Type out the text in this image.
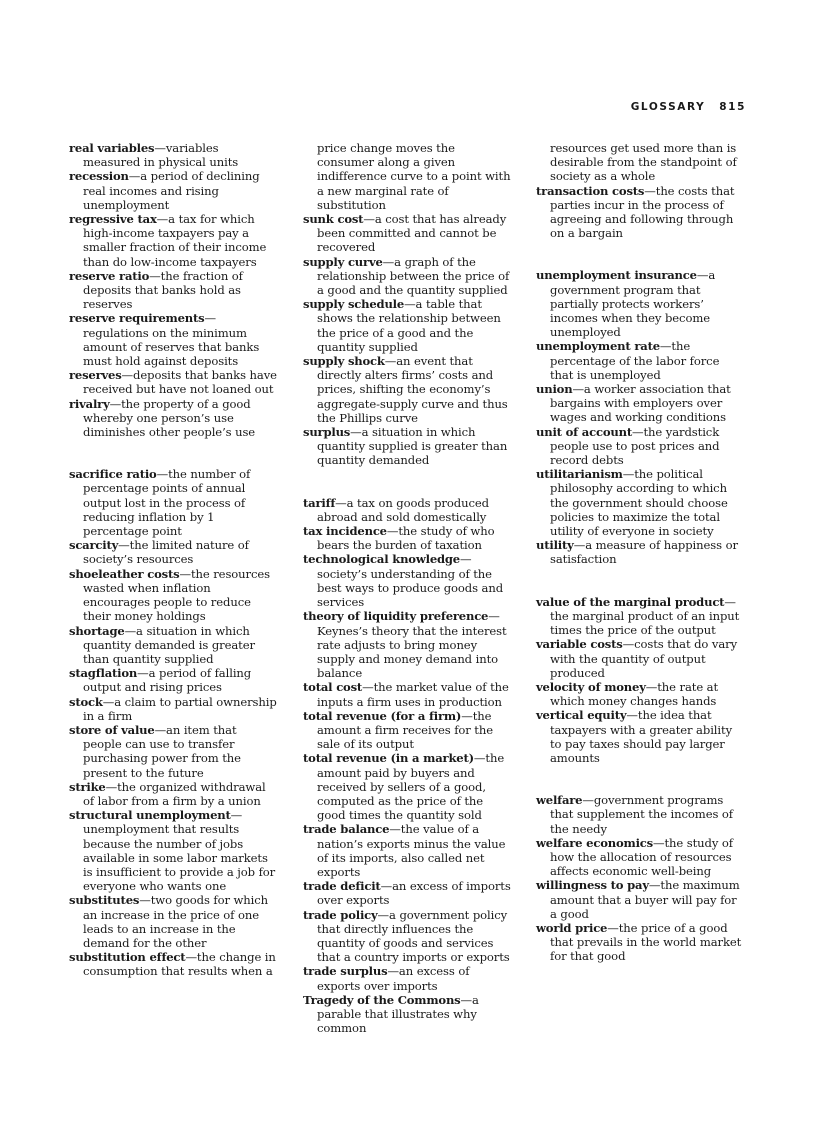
GLOSSARY 815

real variables—variables measured in physical units

recession—a period of declining real incomes and rising unemployment

regressive tax—a tax for which high-income taxpayers pay a smaller fraction of their income than do low-income taxpayers

reserve ratio—the fraction of deposits that banks hold as reserves

reserve requirements—regulations on the minimum amount of reserves that banks must hold against deposits

reserves—deposits that banks have received but have not loaned out

rivalry—the property of a good whereby one person’s use diminishes other people’s use

sacrifice ratio—the number of percentage points of annual output lost in the process of reducing inflation by 1 percentage point

scarcity—the limited nature of society’s resources

shoeleather costs—the resources wasted when inflation encourages people to reduce their money holdings

shortage—a situation in which quantity demanded is greater than quantity supplied

stagflation—a period of falling output and rising prices

stock—a claim to partial ownership in a firm

store of value—an item that people can use to transfer purchasing power from the present to the future

strike—the organized withdrawal of labor from a firm by a union

structural unemployment—unemployment that results because the number of jobs available in some labor markets is insufficient to provide a job for everyone who wants one

substitutes—two goods for which an increase in the price of one leads to an increase in the demand for the other

substitution effect—the change in consumption that results when a

price change moves the consumer along a given indifference curve to a point with a new marginal rate of substitution

sunk cost—a cost that has already been committed and cannot be recovered

supply curve—a graph of the relationship between the price of a good and the quantity supplied

supply schedule—a table that shows the relationship between the price of a good and the quantity supplied

supply shock—an event that directly alters firms’ costs and prices, shifting the economy’s aggregate-supply curve and thus the Phillips curve

surplus—a situation in which quantity supplied is greater than quantity demanded

tariff—a tax on goods produced abroad and sold domestically

tax incidence—the study of who bears the burden of taxation

technological knowledge—society’s understanding of the best ways to produce goods and services

theory of liquidity preference—Keynes’s theory that the interest rate adjusts to bring money supply and money demand into balance

total cost—the market value of the inputs a firm uses in production

total revenue (for a firm)—the amount a firm receives for the sale of its output

total revenue (in a market)—the amount paid by buyers and received by sellers of a good, computed as the price of the good times the quantity sold

trade balance—the value of a nation’s exports minus the value of its imports, also called net exports

trade deficit—an excess of imports over exports

trade policy—a government policy that directly influences the quantity of goods and services that a country imports or exports

trade surplus—an excess of exports over imports

Tragedy of the Commons—a parable that illustrates why common

resources get used more than is desirable from the standpoint of society as a whole

transaction costs—the costs that parties incur in the process of agreeing and following through on a bargain

unemployment insurance—a government program that partially protects workers’ incomes when they become unemployed

unemployment rate—the percentage of the labor force that is unemployed

union—a worker association that bargains with employers over wages and working conditions

unit of account—the yardstick people use to post prices and record debts

utilitarianism—the political philosophy according to which the government should choose policies to maximize the total utility of everyone in society

utility—a measure of happiness or satisfaction

value of the marginal product—the marginal product of an input times the price of the output

variable costs—costs that do vary with the quantity of output produced

velocity of money—the rate at which money changes hands

vertical equity—the idea that taxpayers with a greater ability to pay taxes should pay larger amounts

welfare—government programs that supplement the incomes of the needy

welfare economics—the study of how the allocation of resources affects economic well-being

willingness to pay—the maximum amount that a buyer will pay for a good

world price—the price of a good that prevails in the world market for that good
